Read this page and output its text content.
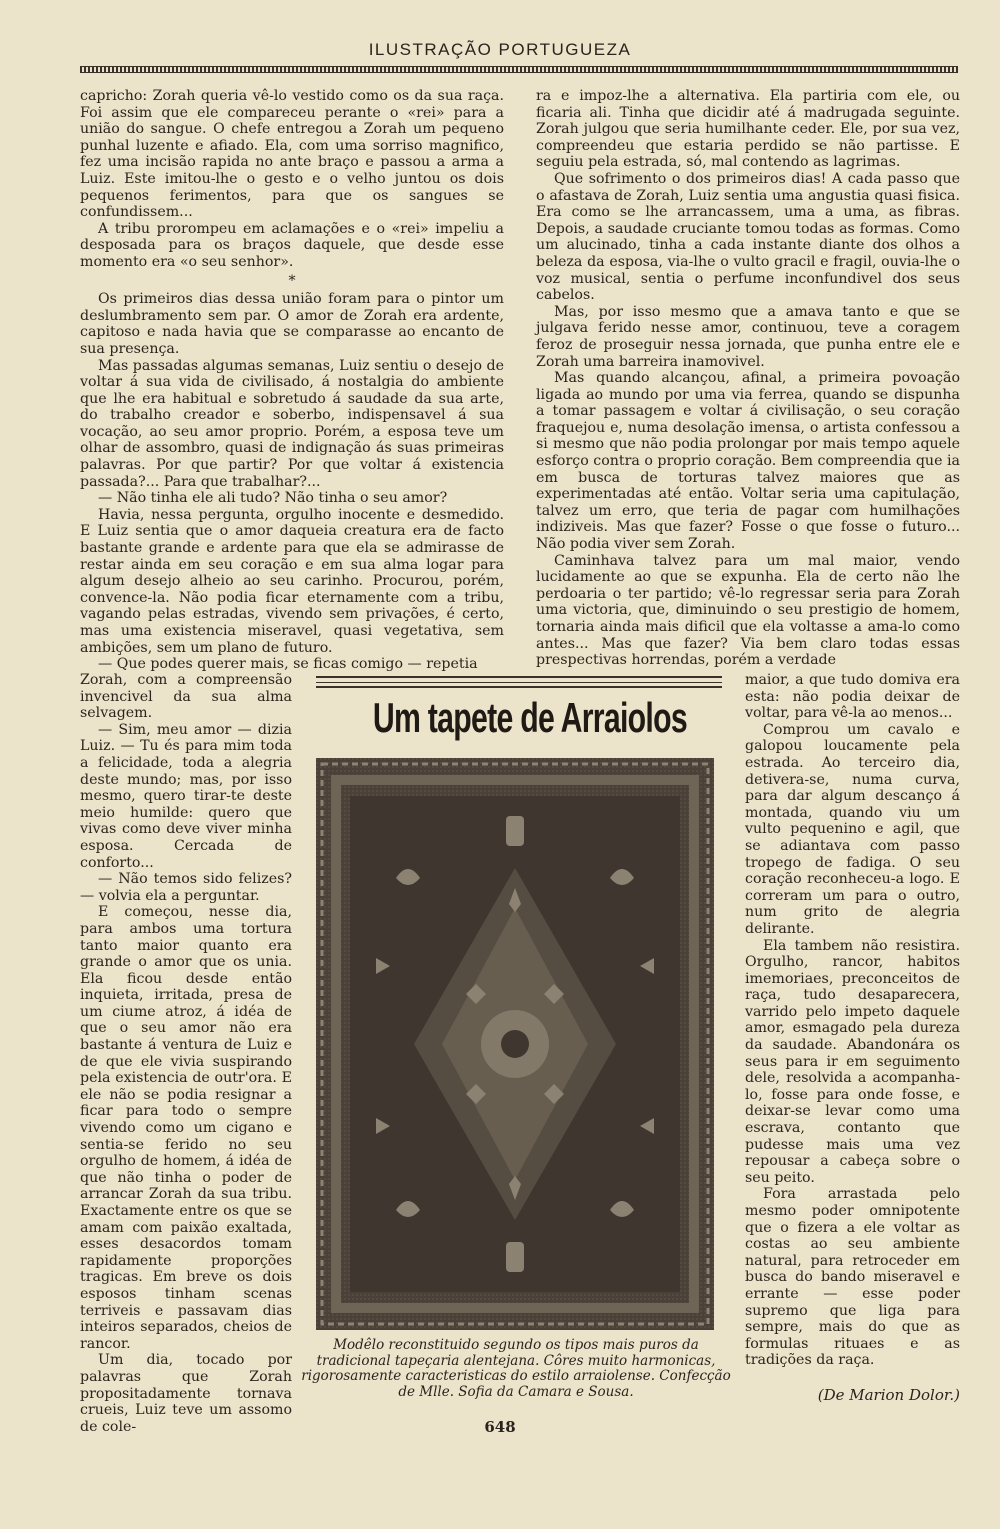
ILUSTRAÇÃO PORTUGUEZA

capricho: Zorah queria vê-lo vestido como os da sua raça. Foi assim que ele compareceu perante o «rei» para a união do sangue. O chefe entregou a Zorah um pequeno punhal luzente e afiado. Ela, com uma sorriso magnifico, fez uma incisão rapida no ante braço e passou a arma a Luiz. Este imitou-lhe o gesto e o velho juntou os dois pequenos ferimentos, para que os sangues se confundissem...

A tribu prorompeu em aclamações e o «rei» impeliu a desposada para os braços daquele, que desde esse momento era «o seu senhor».

*

Os primeiros dias dessa união foram para o pintor um deslumbramento sem par. O amor de Zorah era ardente, capitoso e nada havia que se comparasse ao encanto de sua presença.

Mas passadas algumas semanas, Luiz sentiu o desejo de voltar á sua vida de civilisado, á nostalgia do ambiente que lhe era habitual e sobretudo á saudade da sua arte, do trabalho creador e soberbo, indispensavel á sua vocação, ao seu amor proprio. Porém, a esposa teve um olhar de assombro, quasi de indignação ás suas primeiras palavras. Por que partir? Por que voltar á existencia passada?... Para que trabalhar?...

— Não tinha ele ali tudo? Não tinha o seu amor?

Havia, nessa pergunta, orgulho inocente e desmedido. E Luiz sentia que o amor daqueia creatura era de facto bastante grande e ardente para que ela se admirasse de restar ainda em seu coração e em sua alma logar para algum desejo alheio ao seu carinho. Procurou, porém, convence-la. Não podia ficar eternamente com a tribu, vagando pelas estradas, vivendo sem privações, é certo, mas uma existencia miseravel, quasi vegetativa, sem ambições, sem um plano de futuro.

— Que podes querer mais, se ficas comigo — repetia

Zorah, com a compreensão invencivel da sua alma selvagem.

— Sim, meu amor — dizia Luiz. — Tu és para mim toda a felicidade, toda a alegria deste mundo; mas, por isso mesmo, quero tirar-te deste meio humilde: quero que vivas como deve viver minha esposa. Cercada de conforto...

— Não temos sido felizes? — volvia ela a perguntar.

E começou, nesse dia, para ambos uma tortura tanto maior quanto era grande o amor que os unia. Ela ficou desde então inquieta, irritada, presa de um ciume atroz, á idéa de que o seu amor não era bastante á ventura de Luiz e de que ele vivia suspirando pela existencia de outr'ora. E ele não se podia resignar a ficar para todo o sempre vivendo como um cigano e sentia-se ferido no seu orgulho de homem, á idéa de que não tinha o poder de arrancar Zorah da sua tribu. Exactamente entre os que se amam com paixão exaltada, esses desacordos tomam rapidamente proporções tragicas. Em breve os dois esposos tinham scenas terriveis e passavam dias inteiros separados, cheios de rancor.

Um dia, tocado por palavras que Zorah propositadamente tornava crueis, Luiz teve um assomo de cole-

ra e impoz-lhe a alternativa. Ela partiria com ele, ou ficaria ali. Tinha que dicidir até á madrugada seguinte. Zorah julgou que seria humilhante ceder. Ele, por sua vez, compreendeu que estaria perdido se não partisse. E seguiu pela estrada, só, mal contendo as lagrimas.

Que sofrimento o dos primeiros dias! A cada passo que o afastava de Zorah, Luiz sentia uma angustia quasi fisica. Era como se lhe arrancassem, uma a uma, as fibras. Depois, a saudade cruciante tomou todas as formas. Como um alucinado, tinha a cada instante diante dos olhos a beleza da esposa, via-lhe o vulto gracil e fragil, ouvia-lhe o voz musical, sentia o perfume inconfundivel dos seus cabelos.

Mas, por isso mesmo que a amava tanto e que se julgava ferido nesse amor, continuou, teve a coragem feroz de proseguir nessa jornada, que punha entre ele e Zorah uma barreira inamovivel.

Mas quando alcançou, afinal, a primeira povoação ligada ao mundo por uma via ferrea, quando se dispunha a tomar passagem e voltar á civilisação, o seu coração fraquejou e, numa desolação imensa, o artista confessou a si mesmo que não podia prolongar por mais tempo aquele esforço contra o proprio coração. Bem compreendia que ia em busca de torturas talvez maiores que as experimentadas até então. Voltar seria uma capitulação, talvez um erro, que teria de pagar com humilhações indiziveis. Mas que fazer? Fosse o que fosse o futuro... Não podia viver sem Zorah.

Caminhava talvez para um mal maior, vendo lucidamente ao que se expunha. Ela de certo não lhe perdoaria o ter partido; vê-lo regressar seria para Zorah uma victoria, que, diminuindo o seu prestigio de homem, tornaria ainda mais dificil que ela voltasse a ama-lo como antes... Mas que fazer? Via bem claro todas essas prespectivas horrendas, porém a verdade

maior, a que tudo domiva era esta: não podia deixar de voltar, para vê-la ao menos...

Comprou um cavalo e galopou loucamente pela estrada. Ao terceiro dia, detivera-se, numa curva, para dar algum descanço á montada, quando viu um vulto pequenino e agil, que se adiantava com passo tropego de fadiga. O seu coração reconheceu-a logo. E correram um para o outro, num grito de alegria delirante.

Ela tambem não resistira. Orgulho, rancor, habitos imemoriaes, preconceitos de raça, tudo desaparecera, varrido pelo impeto daquele amor, esmagado pela dureza da saudade. Abandonára os seus para ir em seguimento dele, resolvida a acompanha-lo, fosse para onde fosse, e deixar-se levar como uma escrava, contanto que pudesse mais uma vez repousar a cabeça sobre o seu peito.

Fora arrastada pelo mesmo poder omnipotente que o fizera a ele voltar as costas ao seu ambiente natural, para retroceder em busca do bando miseravel e errante — esse poder supremo que liga para sempre, mais do que as formulas rituaes e as tradições da raça.

Um tapete de Arraiolos
Modêlo reconstituido segundo os tipos mais puros da tradicional tapeçaria alentejana. Côres muito harmonicas, rigorosamente caracteristicas do estilo arraiolense. Confecção de Mlle. Sofia da Camara e Sousa.	(De Marion Dolor.)
648
